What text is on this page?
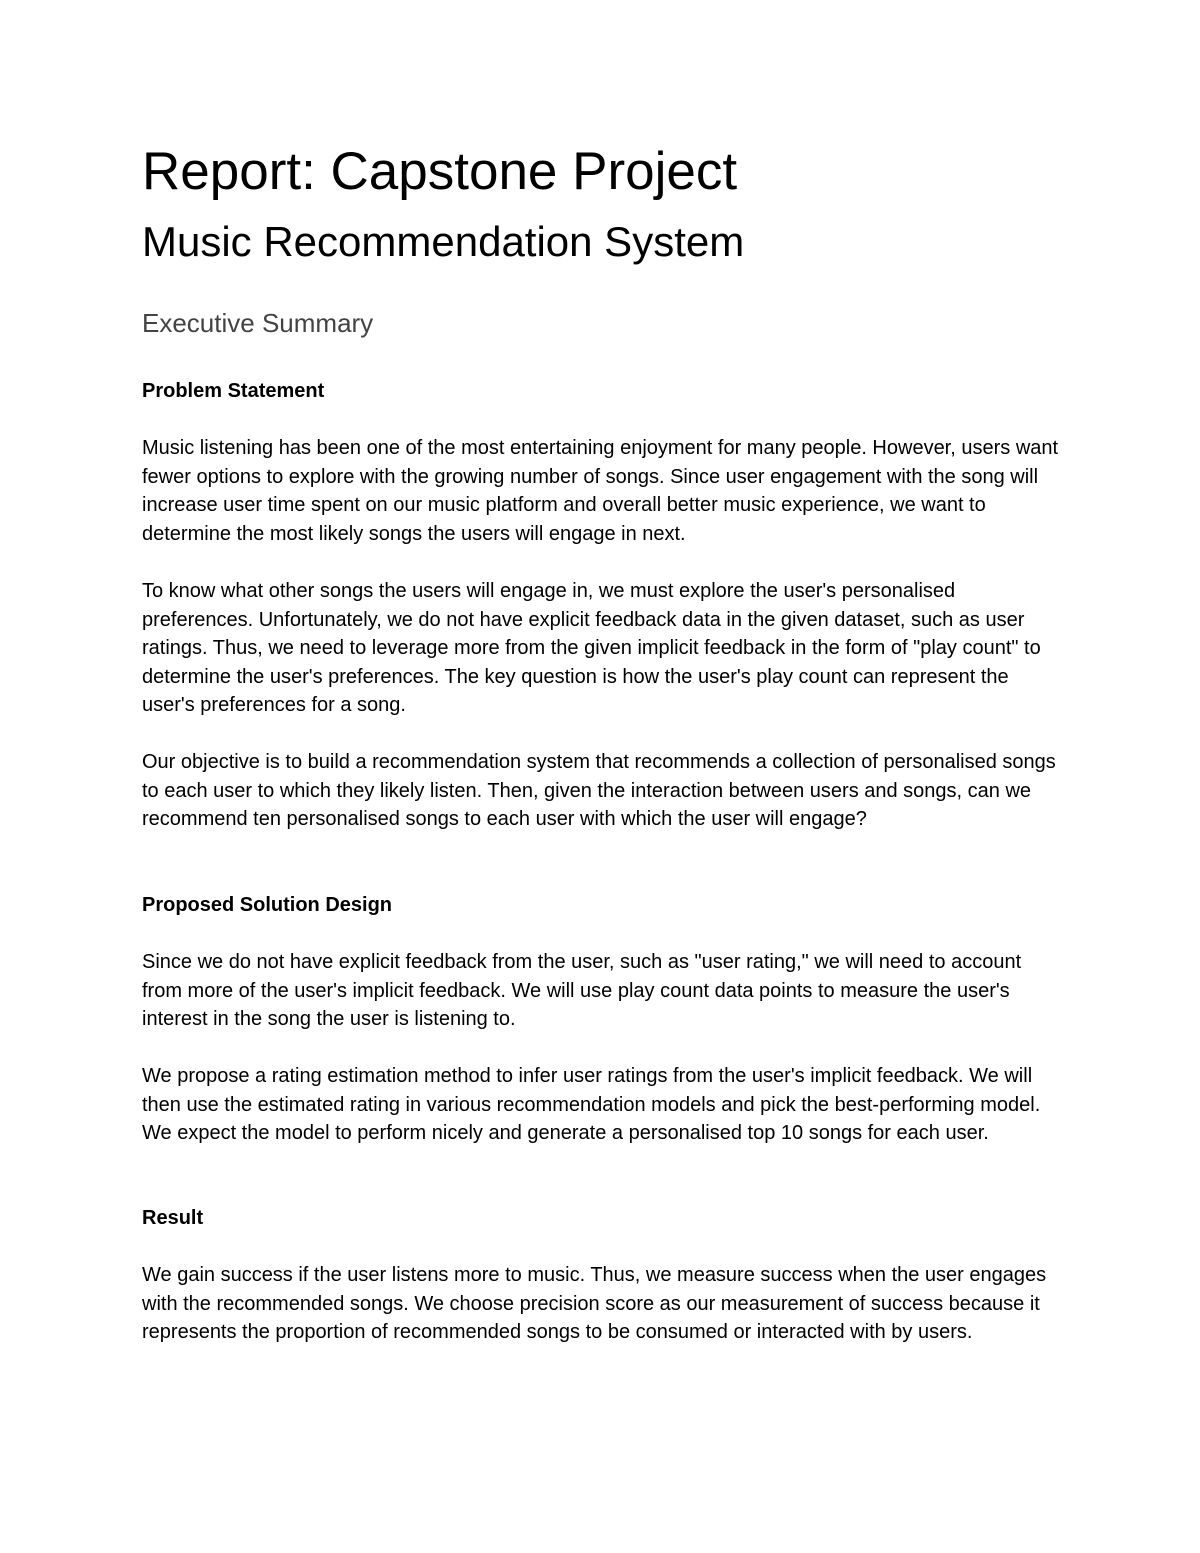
Report: Capstone Project
Music Recommendation System
Executive Summary
Problem Statement

Music listening has been one of the most entertaining enjoyment for many people. However, users want fewer options to explore with the growing number of songs. Since user engagement with the song will increase user time spent on our music platform and overall better music experience, we want to determine the most likely songs the users will engage in next.

To know what other songs the users will engage in, we must explore the user's personalised preferences. Unfortunately, we do not have explicit feedback data in the given dataset, such as user ratings. Thus, we need to leverage more from the given implicit feedback in the form of "play count" to determine the user's preferences. The key question is how the user's play count can represent the user's preferences for a song.

Our objective is to build a recommendation system that recommends a collection of personalised songs to each user to which they likely listen. Then, given the interaction between users and songs, can we recommend ten personalised songs to each user with which the user will engage?

Proposed Solution Design

Since we do not have explicit feedback from the user, such as "user rating," we will need to account from more of the user's implicit feedback. We will use play count data points to measure the user's interest in the song the user is listening to.

We propose a rating estimation method to infer user ratings from the user's implicit feedback. We will then use the estimated rating in various recommendation models and pick the best-performing model. We expect the model to perform nicely and generate a personalised top 10 songs for each user.

Result

We gain success if the user listens more to music. Thus, we measure success when the user engages with the recommended songs. We choose precision score as our measurement of success because it represents the proportion of recommended songs to be consumed or interacted with by users.
